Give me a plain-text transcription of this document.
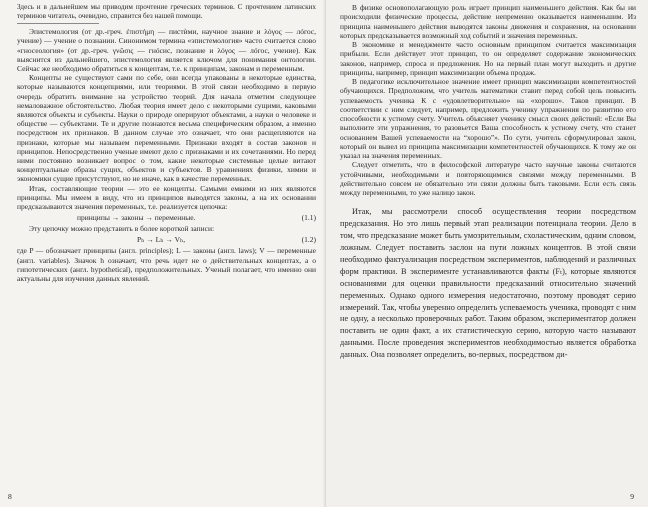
Здесь и в дальнейшем мы приводим прочтение греческих терминов. С прочтением латинских терминов читатель, очевидно, справится без нашей помощи.

Эпистемология (от др.-греч. ἐπιστήμη — пистѝми, научное знание и λόγος — лóгос, учение) — учение о познании. Синонимом термина «эпистемология» часто считается слово «гносеология» (от др.-греч. γνῶσις — гнóсис, познание и λόγος — лóгос, учение). Как выяснится из дальнейшего, эпистемология является ключом для понимания онтологии. Сейчас же необходимо обратиться к концептам, т.е. к принципам, законам и переменным.

Концепты не существуют сами по себе, они всегда упакованы в некоторые единства, которые называются концепциями, или теориями. В этой связи необходимо в первую очередь обратить внимание на устройство теорий. Для начала отметим следующее немаловажное обстоятельство. Любая теория имеет дело с некоторыми сущими, каковыми являются объекты и субъекты. Науки о природе оперируют объектами, а науки о человеке и обществе — субъектами. Те и другие познаются весьма специфическим образом, а именно посредством их признаков. В данном случае это означает, что они расщепляются на признаки, которые мы называем переменными. Признаки входят в состав законов и принципов. Непосредственно ученые имеют дело с признаками и их сочетаниями. Но перед ними постоянно возникает вопрос о том, какие некоторые системные целые витают концептуальные образы сущих, объектов и субъектов. В уравнениях физики, химии и экономики сущие присутствуют, но не иначе, как в качестве переменных.

Итак, составляющие теории — это ее концепты. Самыми емкими из них являются принципы. Мы имеем в виду, что из принципов выводятся законы, а на их основании предсказываются значения переменных, т.е. реализуется цепочка:

принципы → законы → переменные.	(1.1)

Эту цепочку можно представить в более короткой записи:

Pₕ → Lₕ → Vₕ,	(1.2)

где P — обозначает принципы (англ. principles); L — законы (англ. laws); V — переменные (англ. variables). Значок h означает, что речь идет не о действительных концептах, а о гипотетических (англ. hypothetical), предположительных. Ученый полагает, что именно они актуальны для изучения данных явлений.

8

В физике основополагающую роль играет принцип наименьшего действия. Как бы ни происходили физические процессы, действие непременно оказывается наименьшим. Из принципа наименьшего действия выводятся законы движения и сохранения, на основании которых предсказывается возможный ход событий и значения переменных.

В экономике и менеджменте часто основным принципом считается максимизация прибыли. Если действует этот принцип, то он определяет содержание экономических законов, например, спроса и предложения. Но на первый план могут выходить и другие принципы, например, принцип максимизации объема продаж.

В педагогике исключительное значение имеет принцип максимизации компетентностей обучающихся. Предположим, что учитель математики ставит перед собой цель повысить успеваемость ученика К с «удовлетворительно» на «хорошо». Таков принцип. В соответствии с ним следует, например, предложить ученику упражнения по развитию его способности к устному счету. Учитель объясняет ученику смысл своих действий: «Если Вы выполните эти упражнения, то разовьется Ваша способность к устному счету, что станет основанием Вашей успеваемости на “хорошо”». По сути, учитель сформулировал закон, который он вывел из принципа максимизации компетентностей обучающихся. К тому же он указал на значения переменных.

Следует отметить, что в философской литературе часто научные законы считаются устойчивыми, необходимыми и повторяющимися связями между переменными. В действительно совсем не обязательно эти связи должны быть таковыми. Если есть связь между переменными, то уже налицо закон.

Итак, мы рассмотрели способ осуществления теории посредством предсказания. Но это лишь первый этап реализации потенциала теории. Дело в том, что предсказание может быть умозрительным, схоластическим, одним словом, ложным. Следует поставить заслон на пути ложных концептов. В этой связи необходимо фактуализация посредством экспериментов, наблюдений и различных форм практики. В эксперименте устанавливаются факты (Fₜ), которые являются основаниями для оценки правильности предсказаний относительно значений переменных. Однако одного измерения недостаточно, поэтому проводят серию измерений. Так, чтобы уверенно определить успеваемость ученика, проводят с ним не одну, а несколько проверочных работ. Таким образом, экспериментатор должен поставить не один факт, а их статистическую серию, которую часто называют данными. После проведения экспериментов необходимостью является обработка данных. Она позволяет определить, во-первых, посредством ди-

9
